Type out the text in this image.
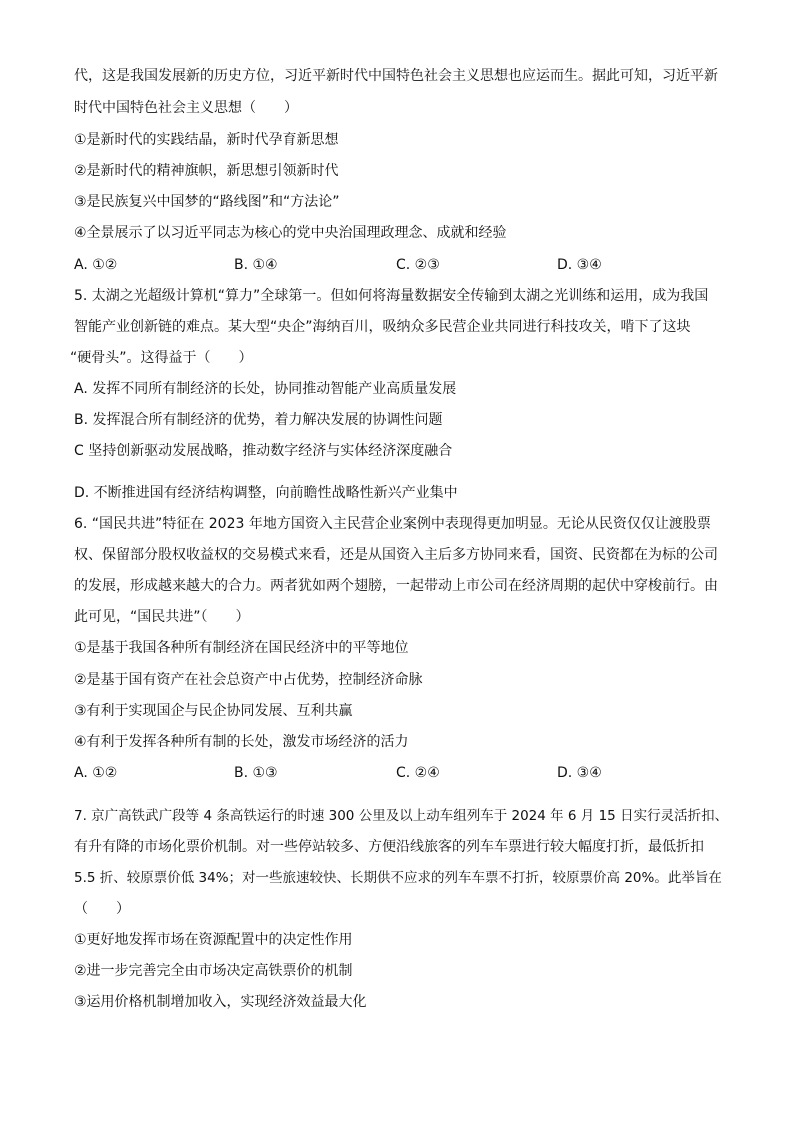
代，这是我国发展新的历史方位，习近平新时代中国特色社会主义思想也应运而生。据此可知，习近平新
时代中国特色社会主义思想（　　）
①是新时代的实践结晶，新时代孕育新思想
②是新时代的精神旗帜，新思想引领新时代
③是民族复兴中国梦的“路线图”和“方法论”
④全景展示了以习近平同志为核心的党中央治国理政理念、成就和经验
A. ①②	B. ①④	C. ②③	D. ③④
5. 太湖之光超级计算机“算力”全球第一。但如何将海量数据安全传输到太湖之光训练和运用，成为我国
智能产业创新链的难点。某大型“央企”海纳百川，吸纳众多民营企业共同进行科技攻关，啃下了这块
“硬骨头”。这得益于（　　）
A. 发挥不同所有制经济的长处，协同推动智能产业高质量发展
B. 发挥混合所有制经济的优势，着力解决发展的协调性问题
C 坚持创新驱动发展战略，推动数字经济与实体经济深度融合
D. 不断推进国有经济结构调整，向前瞻性战略性新兴产业集中
6. “国民共进”特征在 2023 年地方国资入主民营企业案例中表现得更加明显。无论从民资仅仅让渡股票
权、保留部分股权收益权的交易模式来看，还是从国资入主后多方协同来看，国资、民资都在为标的公司
的发展，形成越来越大的合力。两者犹如两个翅膀，一起带动上市公司在经济周期的起伏中穿梭前行。由
此可见，“国民共进”（　　）
①是基于我国各种所有制经济在国民经济中的平等地位
②是基于国有资产在社会总资产中占优势，控制经济命脉
③有利于实现国企与民企协同发展、互利共赢
④有利于发挥各种所有制的长处，激发市场经济的活力
A. ①②	B. ①③	C. ②④	D. ③④
7. 京广高铁武广段等 4 条高铁运行的时速 300 公里及以上动车组列车于 2024 年 6 月 15 日实行灵活折扣、
有升有降的市场化票价机制。对一些停站较多、方便沿线旅客的列车车票进行较大幅度打折，最低折扣
5.5 折、较原票价低 34%；对一些旅速较快、长期供不应求的列车车票不打折，较原票价高 20%。此举旨在
（　　）
①更好地发挥市场在资源配置中的决定性作用
②进一步完善完全由市场决定高铁票价的机制
③运用价格机制增加收入，实现经济效益最大化
